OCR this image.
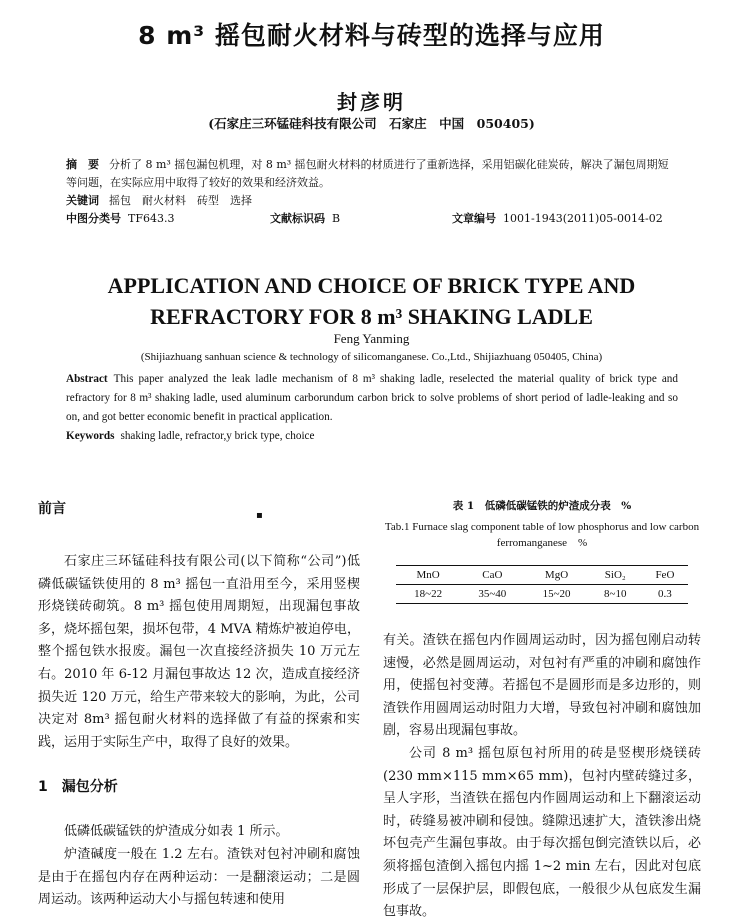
8 m³ 摇包耐火材料与砖型的选择与应用
封彦明
(石家庄三环锰硅科技有限公司　石家庄　中国　050405)
摘　要 分析了 8 m³ 摇包漏包机理，对 8 m³ 摇包耐火材料的材质进行了重新选择，采用铝碳化硅炭砖，解决了漏包周期短等问题，在实际应用中取得了较好的效果和经济效益。
关键词 摇包　耐火材料　砖型　选择
中图分类号 TF643.3	文献标识码 B	文章编号 1001-1943(2011)05-0014-02
APPLICATION AND CHOICE OF BRICK TYPE AND REFRACTORY FOR 8 m³ SHAKING LADLE
Feng Yanming
(Shijiazhuang sanhuan science & technology of silicomanganese. Co.,Ltd., Shijiazhuang 050405, China)
Abstract This paper analyzed the leak ladle mechanism of 8 m³ shaking ladle, reselected the material quality of brick type and refractory for 8 m³ shaking ladle, used aluminum carborundum carbon brick to solve problems of short period of ladle-leaking and so on, and got better economic benefit in practical application.
Keywords shaking ladle, refractor,y brick type, choice
▪
前言

石家庄三环锰硅科技有限公司(以下简称“公司”)低磷低碳锰铁使用的 8 m³ 摇包一直沿用至今，采用竖楔形烧镁砖砌筑。8 m³ 摇包使用周期短，出现漏包事故多，烧坏摇包架，损坏包带，4 MVA 精炼炉被迫停电，整个摇包铁水报废。漏包一次直接经济损失 10 万元左右。2010 年 6-12 月漏包事故达 12 次，造成直接经济损失近 120 万元，给生产带来较大的影响，为此，公司决定对 8m³ 摇包耐火材料的选择做了有益的探索和实践，运用于实际生产中，取得了良好的效果。

1　漏包分析

低磷低碳锰铁的炉渣成分如表 1 所示。

炉渣碱度一般在 1.2 左右。渣铁对包衬冲刷和腐蚀是由于在摇包内存在两种运动：一是翻滚运动；二是圆周运动。该两种运动大小与摇包转速和使用

表 1　低磷低碳锰铁的炉渣成分表　%
Tab.1 Furnace slag component table of low phosphorus and low carbon ferromanganese　%
MnO	CaO	MgO	SiO₂	FeO
18~22	35~40	15~20	8~10	0.3

有关。渣铁在摇包内作圆周运动时，因为摇包刚启动转速慢，必然是圆周运动，对包衬有严重的冲刷和腐蚀作用，使摇包衬变薄。若摇包不是圆形而是多边形的，则渣铁作用圆周运动时阻力大增，导致包衬冲刷和腐蚀加剧，容易出现漏包事故。

公司 8 m³ 摇包原包衬所用的砖是竖楔形烧镁砖(230 mm×115 mm×65 mm)，包衬内壁砖缝过多，呈人字形，当渣铁在摇包内作圆周运动和上下翻滚运动时，砖缝易被冲刷和侵蚀。缝隙迅速扩大，渣铁渗出烧坏包壳产生漏包事故。由于每次摇包倒完渣铁以后，必须将摇包渣倒入摇包内摇 1~2 min 左右，因此对包底形成了一层保护层，即假包底，一般很少从包底发生漏包事故。
